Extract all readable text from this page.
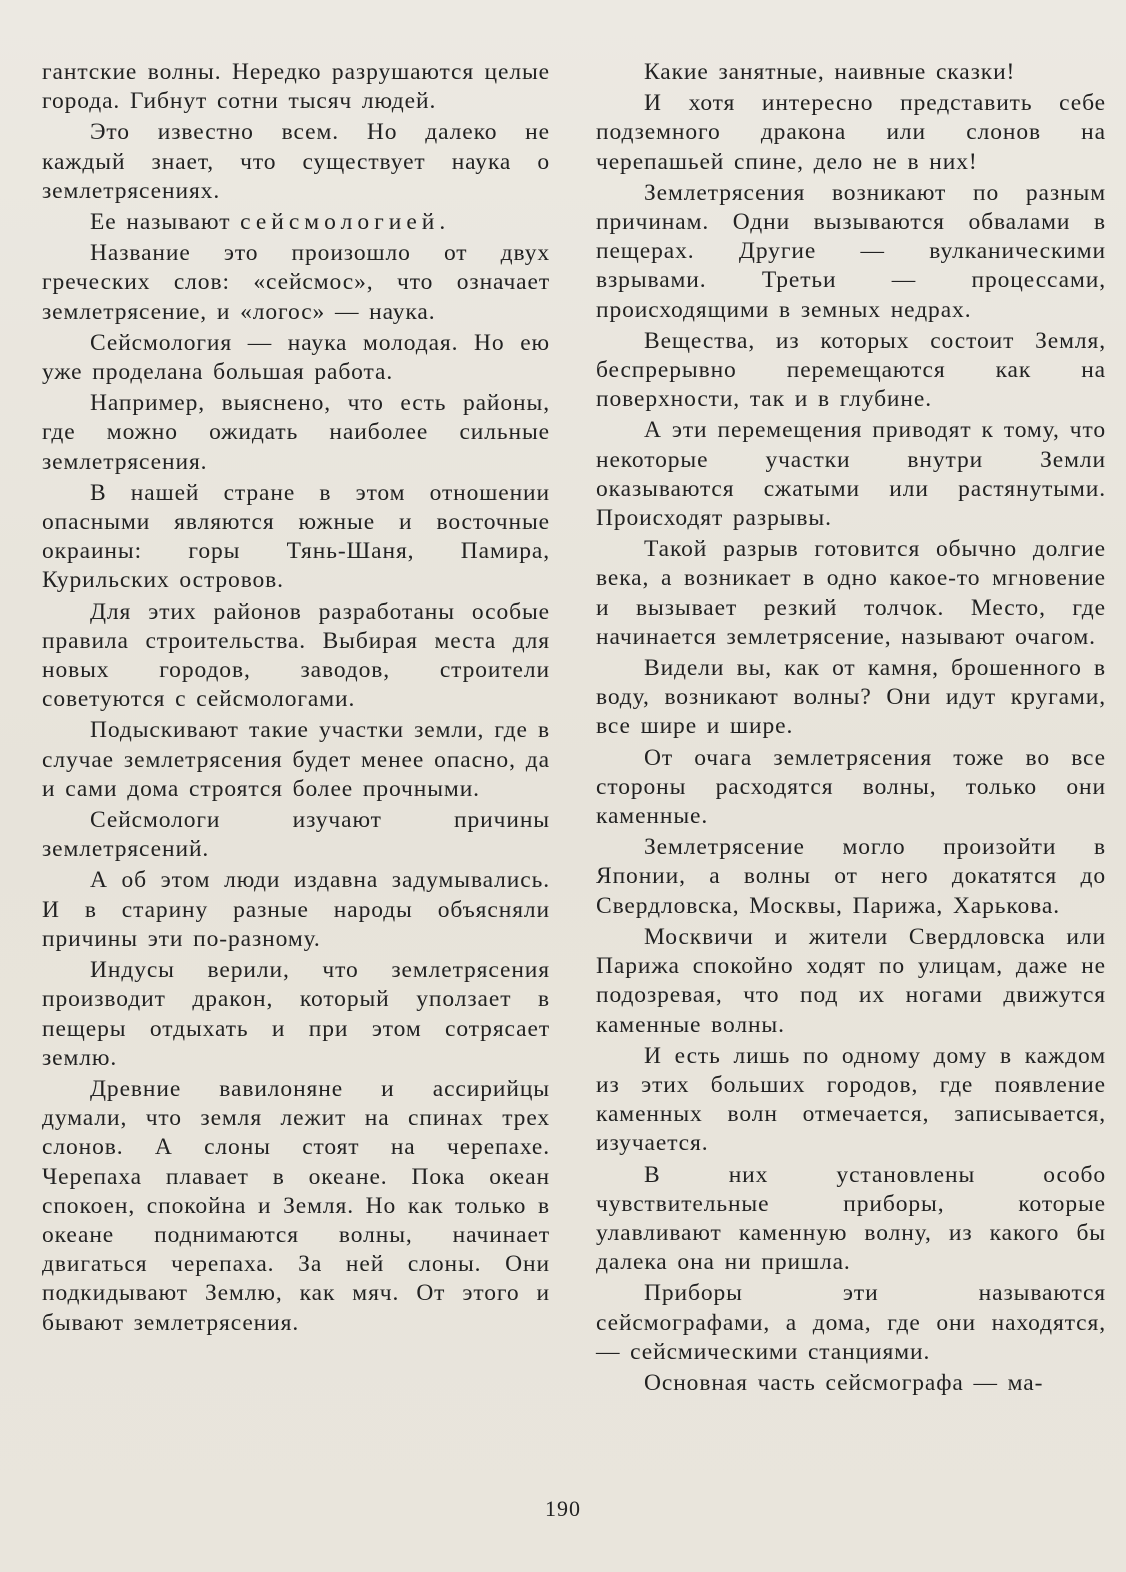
гантские волны. Нередко разрушаются целые города. Гибнут сотни тысяч людей.

Это известно всем. Но далеко не каждый знает, что существует наука о землетрясениях.

Ее называют сейсмологией.

Название это произошло от двух греческих слов: «сейсмос», что означает землетрясение, и «логос» — наука.

Сейсмология — наука молодая. Но ею уже проделана большая работа.

Например, выяснено, что есть районы, где можно ожидать наиболее сильные землетрясения.

В нашей стране в этом отношении опасными являются южные и восточные окраины: горы Тянь-Шаня, Памира, Курильских островов.

Для этих районов разработаны особые правила строительства. Выбирая места для новых городов, заводов, строители советуются с сейсмологами.

Подыскивают такие участки земли, где в случае землетрясения будет менее опасно, да и сами дома строятся более прочными.

Сейсмологи изучают причины землетрясений.

А об этом люди издавна задумывались. И в старину разные народы объясняли причины эти по-разному.

Индусы верили, что землетрясения производит дракон, который уползает в пещеры отдыхать и при этом сотрясает землю.

Древние вавилоняне и ассирийцы думали, что земля лежит на спинах трех слонов. А слоны стоят на черепахе. Черепаха плавает в океане. Пока океан спокоен, спокойна и Земля. Но как только в океане поднимаются волны, начинает двигаться черепаха. За ней слоны. Они подкидывают Землю, как мяч. От этого и бывают землетрясения.

Какие занятные, наивные сказки!

И хотя интересно представить себе подземного дракона или слонов на черепашьей спине, дело не в них!

Землетрясения возникают по разным причинам. Одни вызываются обвалами в пещерах. Другие — вулканическими взрывами. Третьи — процессами, происходящими в земных недрах.

Вещества, из которых состоит Земля, беспрерывно перемещаются как на поверхности, так и в глубине.

А эти перемещения приводят к тому, что некоторые участки внутри Земли оказываются сжатыми или растянутыми. Происходят разрывы.

Такой разрыв готовится обычно долгие века, а возникает в одно какое-то мгновение и вызывает резкий толчок. Место, где начинается землетрясение, называют очагом.

Видели вы, как от камня, брошенного в воду, возникают волны? Они идут кругами, все шире и шире.

От очага землетрясения тоже во все стороны расходятся волны, только они каменные.

Землетрясение могло произойти в Японии, а волны от него докатятся до Свердловска, Москвы, Парижа, Харькова.

Москвичи и жители Свердловска или Парижа спокойно ходят по улицам, даже не подозревая, что под их ногами движутся каменные волны.

И есть лишь по одному дому в каждом из этих больших городов, где появление каменных волн отмечается, записывается, изучается.

В них установлены особо чувствительные приборы, которые улавливают каменную волну, из какого бы далека она ни пришла.

Приборы эти называются сейсмографами, а дома, где они находятся, — сейсмическими станциями.

Основная часть сейсмографа — ма-

190
